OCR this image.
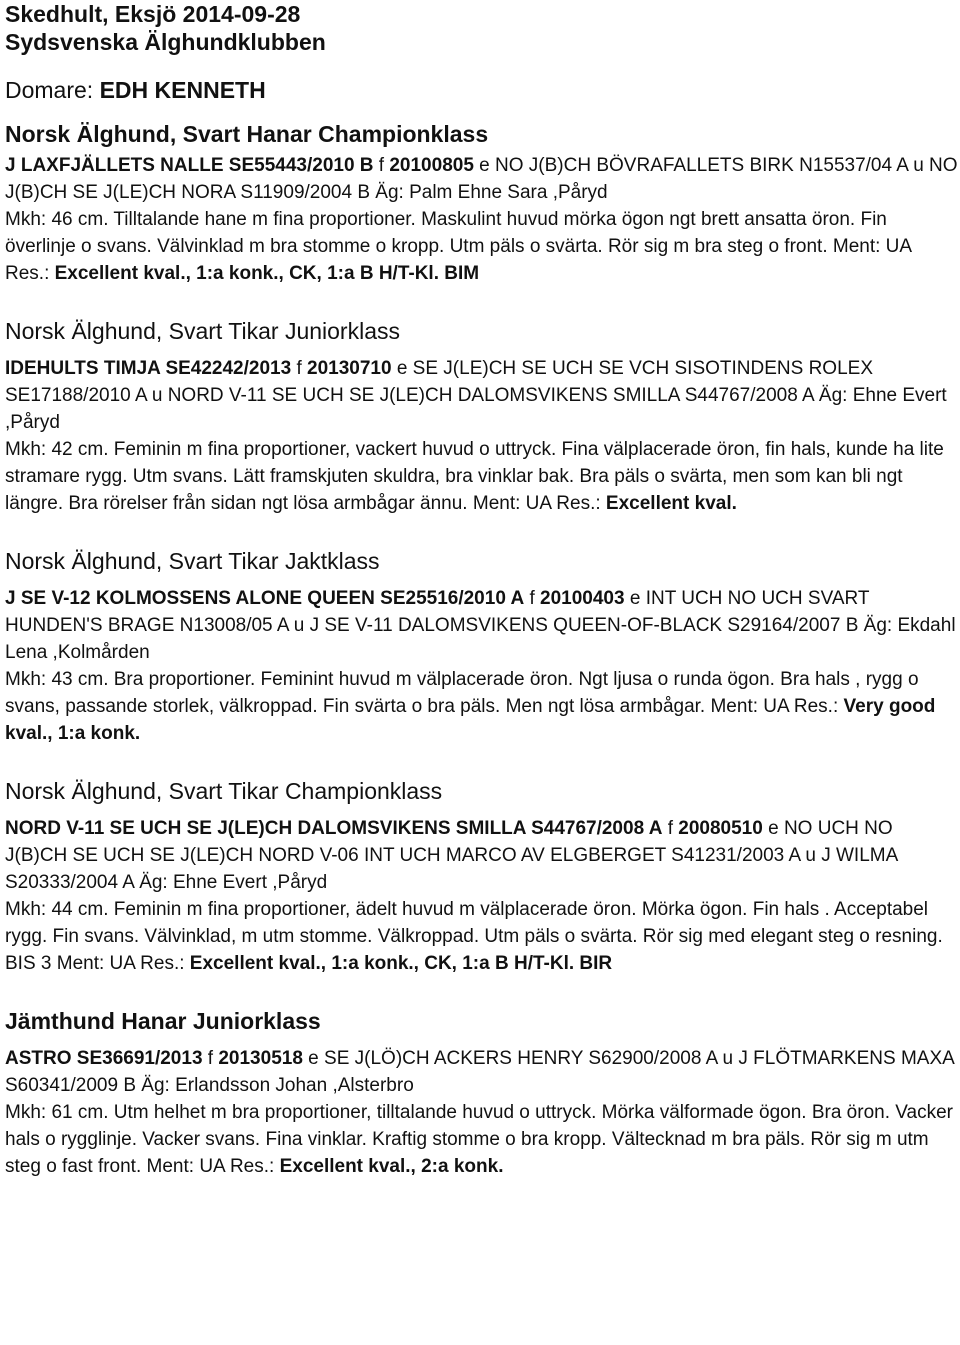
Skedhult, Eksjö 2014-09-28

Sydsvenska Älghundklubben

Domare: EDH KENNETH

Norsk Älghund, Svart Hanar Championklass

J LAXFJÄLLETS NALLE SE55443/2010 B f 20100805 e NO J(B)CH BÖVRAFALLETS BIRK N15537/04 A u NO J(B)CH SE J(LE)CH NORA S11909/2004 B Äg: Palm Ehne Sara ,Påryd

Mkh: 46 cm. Tilltalande hane m fina proportioner. Maskulint huvud mörka ögon ngt brett ansatta öron. Fin överlinje o svans. Välvinklad m bra stomme o kropp. Utm päls o svärta. Rör sig m bra steg o front. Ment: UA Res.: Excellent kval., 1:a konk., CK, 1:a B H/T-Kl. BIM

Norsk Älghund, Svart Tikar Juniorklass

IDEHULTS TIMJA SE42242/2013 f 20130710 e SE J(LE)CH SE UCH SE VCH SISOTINDENS ROLEX SE17188/2010 A u NORD V-11 SE UCH SE J(LE)CH DALOMSVIKENS SMILLA S44767/2008 A Äg: Ehne Evert ,Påryd

Mkh: 42 cm. Feminin m fina proportioner, vackert huvud o uttryck. Fina välplacerade öron, fin hals, kunde ha lite stramare rygg. Utm svans. Lätt framskjuten skuldra, bra vinklar bak. Bra päls o svärta, men som kan bli ngt längre. Bra rörelser från sidan ngt lösa armbågar ännu. Ment: UA Res.: Excellent kval.

Norsk Älghund, Svart Tikar Jaktklass

J SE V-12 KOLMOSSENS ALONE QUEEN SE25516/2010 A f 20100403 e INT UCH NO UCH SVART HUNDEN'S BRAGE N13008/05 A u J SE V-11 DALOMSVIKENS QUEEN-OF-BLACK S29164/2007 B Äg: Ekdahl Lena ,Kolmården

Mkh: 43 cm. Bra proportioner. Feminint huvud m välplacerade öron. Ngt ljusa o runda ögon. Bra hals , rygg o svans, passande storlek, välkroppad. Fin svärta o bra päls. Men ngt lösa armbågar. Ment: UA Res.: Very good kval., 1:a konk.

Norsk Älghund, Svart Tikar Championklass

NORD V-11 SE UCH SE J(LE)CH DALOMSVIKENS SMILLA S44767/2008 A f 20080510 e NO UCH NO J(B)CH SE UCH SE J(LE)CH NORD V-06 INT UCH MARCO AV ELGBERGET S41231/2003 A u J WILMA S20333/2004 A Äg: Ehne Evert ,Påryd

Mkh: 44 cm. Feminin m fina proportioner, ädelt huvud m välplacerade öron. Mörka ögon. Fin hals . Acceptabel rygg. Fin svans. Välvinklad, m utm stomme. Välkroppad. Utm päls o svärta. Rör sig med elegant steg o resning. BIS 3 Ment: UA Res.: Excellent kval., 1:a konk., CK, 1:a B H/T-Kl. BIR

Jämthund Hanar Juniorklass

ASTRO SE36691/2013 f 20130518 e SE J(LÖ)CH ACKERS HENRY S62900/2008 A u J FLÖTMARKENS MAXA S60341/2009 B Äg: Erlandsson Johan ,Alsterbro

Mkh: 61 cm. Utm helhet m bra proportioner, tilltalande huvud o uttryck. Mörka välformade ögon. Bra öron. Vacker hals o rygglinje. Vacker svans. Fina vinklar. Kraftig stomme o bra kropp. Vältecknad m bra päls. Rör sig m utm steg o fast front. Ment: UA Res.: Excellent kval., 2:a konk.
